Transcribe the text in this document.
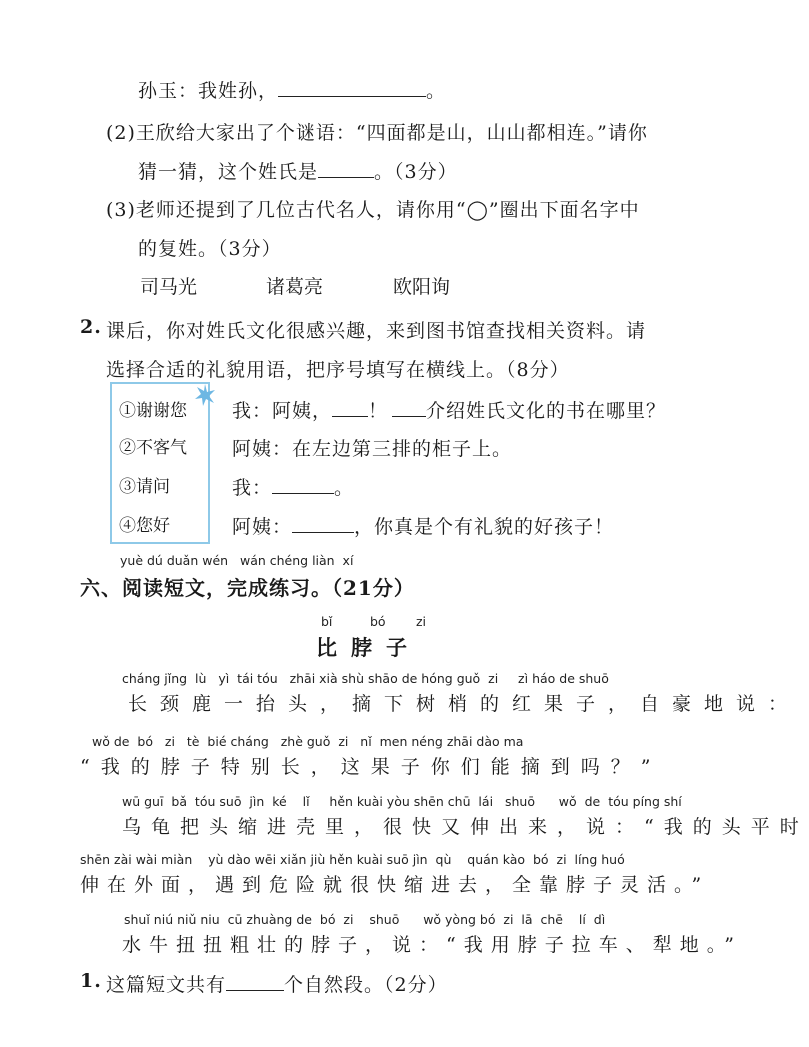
孙玉：我姓孙，	。
(2)王欣给大家出了个谜语：“四面都是山，山山都相连。”请你
猜一猜，这个姓氏是	。（3分）
(3)老师还提到了几位古代名人，请你用“◯”圈出下面名字中
的复姓。（3分）
司马光	诸葛亮	欧阳询
2. 课后，你对姓氏文化很感兴趣，来到图书馆查找相关资料。请
选择合适的礼貌用语，把序号填写在横线上。（8分）
①谢谢您
②不客气
③请问
④您好
我：阿姨， ！ 介绍姓氏文化的书在哪里？
阿姨：在左边第三排的柜子上。
我：	。
阿姨：	，你真是个有礼貌的好孩子！
yuè dú duǎn wén   wán chéng liàn  xí
六、阅读短文，完成练习。（21分）
bǐ	bó zi
比脖子
cháng jǐng  lù   yì  tái tóu   zhāi xià shù shāo de hóng guǒ  zi     zì háo de shuō
长颈鹿一抬头，摘下树梢的红果子，自豪地说：
wǒ de  bó   zi   tè  bié cháng   zhè guǒ  zi   nǐ  men néng zhāi dào ma
“我的脖子特别长，这果子你们能摘到吗？”
wū guī  bǎ  tóu suō  jìn  ké    lǐ     hěn kuài yòu shēn chū  lái   shuō      wǒ  de  tóu píng shí
乌龟把头缩进壳里，很快又伸出来，说：“我的头平时
shēn zài wài miàn    yù dào wēi xiǎn jiù hěn kuài suō jìn  qù    quán kào  bó  zi  líng huó
伸在外面，遇到危险就很快缩进去，全靠脖子灵活。”
shuǐ niú niǔ niu  cū zhuàng de  bó  zi    shuō      wǒ yòng bó  zi  lā  chē    lí  dì
水牛扭扭粗壮的脖子，说：“我用脖子拉车、犁地。”
1. 这篇短文共有	个自然段。（2分）
